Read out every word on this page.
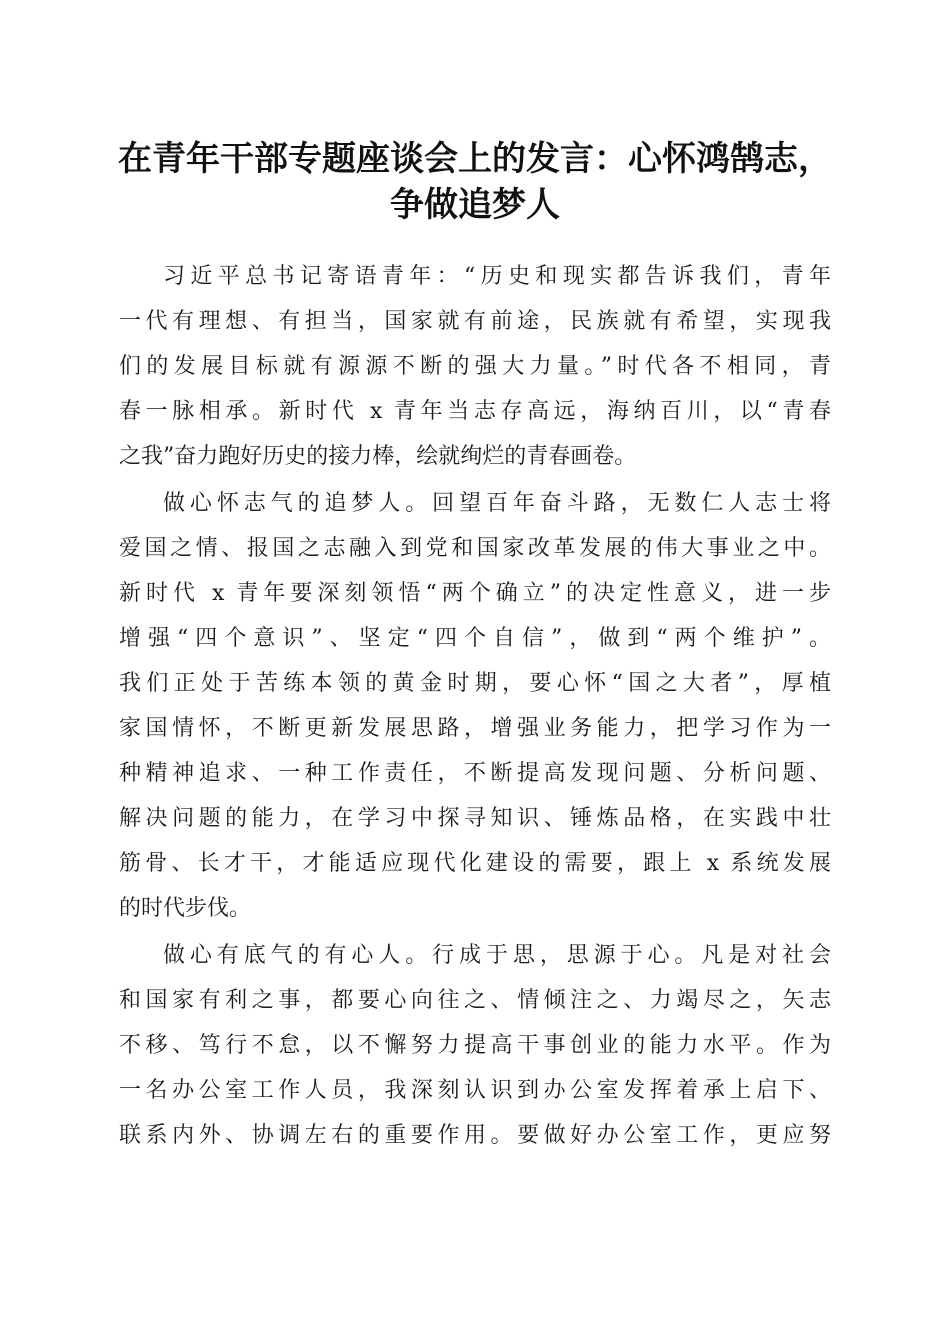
在青年干部专题座谈会上的发言：心怀鸿鹄志，
争做追梦人
习近平总书记寄语青年：“历史和现实都告诉我们，青年
一代有理想、有担当，国家就有前途，民族就有希望，实现我
们的发展目标就有源源不断的强大力量。”时代各不相同，青
春一脉相承。新时代 x 青年当志存高远，海纳百川，以“青春
之我”奋力跑好历史的接力棒，绘就绚烂的青春画卷。
做心怀志气的追梦人。回望百年奋斗路，无数仁人志士将
爱国之情、报国之志融入到党和国家改革发展的伟大事业之中。
新时代 x 青年要深刻领悟“两个确立”的决定性意义，进一步
增强“四个意识”、坚定“四个自信”，做到“两个维护”。
我们正处于苦练本领的黄金时期，要心怀“国之大者”，厚植
家国情怀，不断更新发展思路，增强业务能力，把学习作为一
种精神追求、一种工作责任，不断提高发现问题、分析问题、
解决问题的能力，在学习中探寻知识、锤炼品格，在实践中壮
筋骨、长才干，才能适应现代化建设的需要，跟上 x 系统发展
的时代步伐。
做心有底气的有心人。行成于思，思源于心。凡是对社会
和国家有利之事，都要心向往之、情倾注之、力竭尽之，矢志
不移、笃行不怠，以不懈努力提高干事创业的能力水平。作为
一名办公室工作人员，我深刻认识到办公室发挥着承上启下、
联系内外、协调左右的重要作用。要做好办公室工作，更应努
